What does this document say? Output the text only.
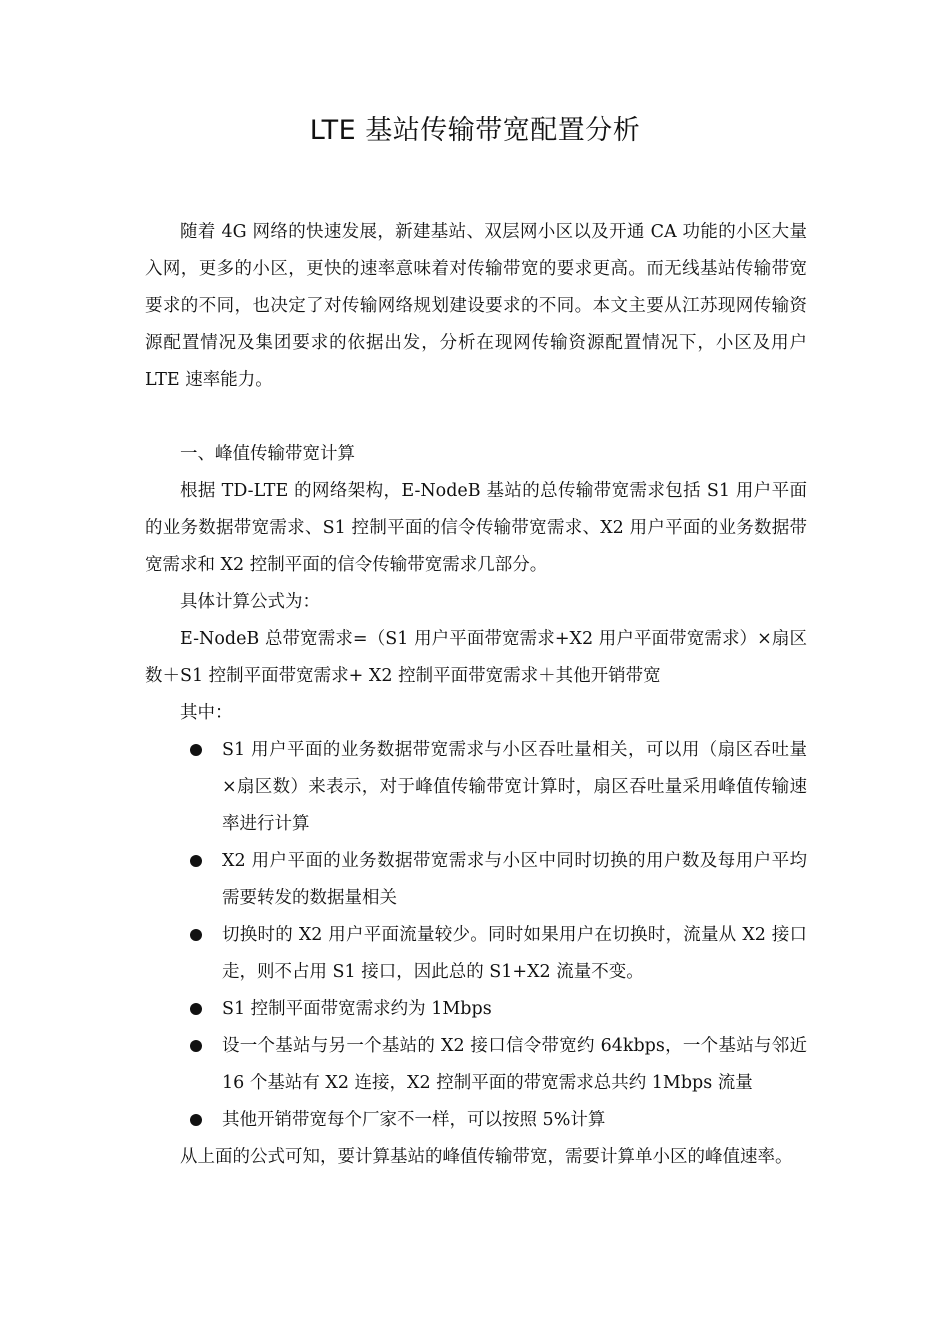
LTE 基站传输带宽配置分析

随着 4G 网络的快速发展，新建基站、双层网小区以及开通 CA 功能的小区大量入网，更多的小区，更快的速率意味着对传输带宽的要求更高。而无线基站传输带宽要求的不同，也决定了对传输网络规划建设要求的不同。本文主要从江苏现网传输资源配置情况及集团要求的依据出发，分析在现网传输资源配置情况下，小区及用户 LTE 速率能力。

一、峰值传输带宽计算

根据 TD-LTE 的网络架构，E-NodeB 基站的总传输带宽需求包括 S1 用户平面的业务数据带宽需求、S1 控制平面的信令传输带宽需求、X2 用户平面的业务数据带宽需求和 X2 控制平面的信令传输带宽需求几部分。

具体计算公式为：

E-NodeB 总带宽需求=（S1 用户平面带宽需求+X2 用户平面带宽需求）×扇区数＋S1 控制平面带宽需求+ X2 控制平面带宽需求＋其他开销带宽

其中：

S1 用户平面的业务数据带宽需求与小区吞吐量相关，可以用（扇区吞吐量×扇区数）来表示，对于峰值传输带宽计算时，扇区吞吐量采用峰值传输速率进行计算
X2 用户平面的业务数据带宽需求与小区中同时切换的用户数及每用户平均需要转发的数据量相关
切换时的 X2 用户平面流量较少。同时如果用户在切换时，流量从 X2 接口走，则不占用 S1 接口，因此总的 S1+X2 流量不变。
S1 控制平面带宽需求约为 1Mbps
设一个基站与另一个基站的 X2 接口信令带宽约 64kbps，一个基站与邻近 16 个基站有 X2 连接，X2 控制平面的带宽需求总共约 1Mbps 流量
其他开销带宽每个厂家不一样，可以按照 5%计算

从上面的公式可知，要计算基站的峰值传输带宽，需要计算单小区的峰值速率。
